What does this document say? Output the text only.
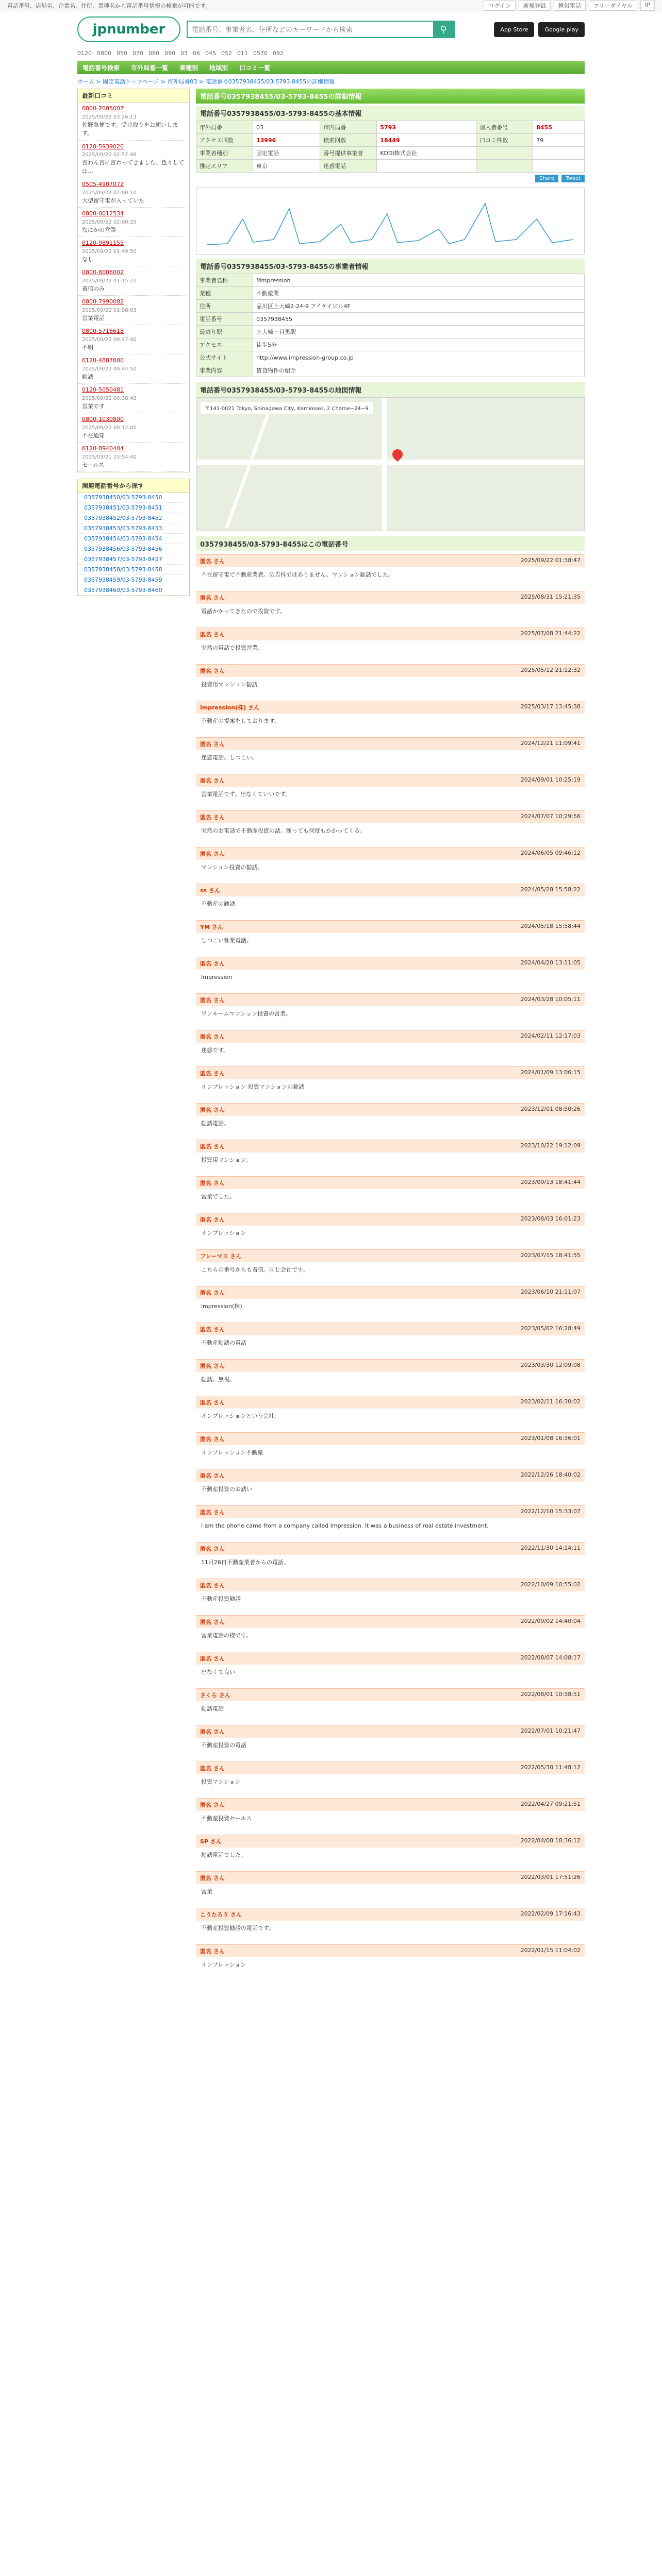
電話番号、店舗名、企業名、住所、業種名から電話番号情報の検索が可能です。	ログイン	新規登録	携帯電話	フリーダイヤル	IP
jpnumber
電話番号、事業者名、住所などのキーワードから検索	⚲	App Store	Google play
0120 0800 050 070 080 090 03 06 045 052 011 0570 092
電話番号検索 市外局番一覧 業種別 地域別 口コミ一覧
ホーム > 固定電話トップページ > 市外局番03 > 電話番号0357938455/03-5793-8455の詳細情報
最新口コミ
0800-7005007
2025/09/22 03:26:13
佐野急便です。受け取りをお願いします。
0120-5939020
2025/09/22 02:52:46
言わん言に言わってきました。色々しては…
0505-4907072
2025/09/22 02:00:10
大型留守電が入っていた
0800-0012534
2025/09/22 02:00:25
なにかの営業
0120-9891155
2025/09/22 01:49:50
なし
0800-8006002
2025/09/22 01:15:22
着信のみ
0800-7990082
2025/09/22 01:08:03
営業電話
0800-5716618
2025/09/22 00:47:40
不明
0120-4887600
2025/09/22 00:44:50
勧誘
0120-5050481
2025/09/22 00:38:43
営業です
0800-1030800
2025/09/22 00:12:00
不在通知
0120-8940404
2025/09/21 23:54:40
セールス
関連電話番号から探す
0357938450/03-5793-8450
0357938451/03-5793-8451
0357938452/03-5793-8452
0357938453/03-5793-8453
0357938454/03-5793-8454
0357938456/03-5793-8456
0357938457/03-5793-8457
0357938458/03-5793-8458
0357938459/03-5793-8459
0357938460/03-5793-8460
電話番号0357938455/03-5793-8455の詳細情報
電話番号0357938455/03-5793-8455の基本情報
市外局番	03	市内局番	5793	加入者番号	8455
アクセス回数	13996	検索回数	18449	口コミ件数	79
事業者種別	固定電話	番号提供事業者	KDDI株式会社		
推定エリア	東京	迷惑電話			
Share	Tweet
電話番号0357938455/03-5793-8455の事業者情報
事業者名称	Mmpression
業種	不動産業
住所	品川区上大崎2-24-9 アイケイビル4F
電話番号	0357938455
最寄り駅	上大崎・目黒駅
アクセス	徒歩5分
公式サイト	http://www.impression-group.co.jp
事業内容	賃貸物件の紹介
電話番号0357938455/03-5793-8455の地図情報
〒141-0021 Tokyo, Shinagawa City, Kamiosaki, 2 Chome−24−9
0357938455/03-5793-8455はこの電話番号
匿名 さん	2025/09/22 01:38:47
不在留守電で不動産業者。広告枠ではありません。マンション勧誘でした。
匿名 さん	2025/08/31 15:21:35
電話かかってきたので投資です。
匿名 さん	2025/07/08 21:44:22
突然の電話で投資営業。
匿名 さん	2025/05/12 21:12:32
投資用マンション勧誘
impression(株) さん	2025/03/17 13:45:38
不動産の提案をしております。
匿名 さん	2024/12/21 11:09:41
迷惑電話。しつこい。
匿名 さん	2024/09/01 10:25:19
営業電話です。出なくていいです。
匿名 さん	2024/07/07 10:29:56
突然のお電話で不動産投資の話。断っても何度もかかってくる。
匿名 さん	2024/06/05 09:46:12
マンション投資の勧誘。
ss さん	2024/05/28 15:58:22
不動産の勧誘
YM さん	2024/05/18 15:58:44
しつこい営業電話。
匿名 さん	2024/04/20 13:11:05
Impression
匿名 さん	2024/03/28 10:05:11
ワンルームマンション投資の営業。
匿名 さん	2024/02/11 12:17:03
迷惑です。
匿名 さん	2024/01/09 13:06:15
インプレッション 投資マンションの勧誘
匿名 さん	2023/12/01 08:50:26
勧誘電話。
匿名 さん	2023/10/22 19:12:09
投資用マンション。
匿名 さん	2023/09/13 18:41:44
営業でした。
匿名 さん	2023/08/03 16:01:23
インプレッション
フレーマス さん	2023/07/15 18:41:55
こちらの番号からも着信。同じ会社です。
匿名 さん	2023/06/10 21:11:07
impression(株)
匿名 さん	2023/05/02 16:28:49
不動産勧誘の電話
匿名 さん	2023/03/30 12:09:08
勧誘。無視。
匿名 さん	2023/02/11 16:30:02
インプレッションという会社。
匿名 さん	2023/01/08 16:36:01
インプレッション不動産
匿名 さん	2022/12/26 18:40:02
不動産投資のお誘い
匿名 さん	2022/12/10 15:33:07
I am the phone came from a company called Impression. It was a business of real estate investment.
匿名 さん	2022/11/30 14:14:11
11月26日不動産業者からの電話。
匿名 さん	2022/10/09 10:55:02
不動産投資勧誘
匿名 さん	2022/09/02 14:40:04
営業電話の様です。
匿名 さん	2022/08/07 14:08:17
出なくて良い
さくら さん	2022/08/01 10:38:51
勧誘電話
匿名 さん	2022/07/01 10:21:47
不動産投資の電話
匿名 さん	2022/05/30 11:48:12
投資マンション
匿名 さん	2022/04/27 09:21:51
不動産投資セールス
SP さん	2022/04/08 18:36:12
勧誘電話でした。
匿名 さん	2022/03/01 17:51:26
営業
こうたろう さん	2022/02/09 17:16:43
不動産投資勧誘の電話です。
匿名 さん	2022/01/15 11:04:02
インプレッション
